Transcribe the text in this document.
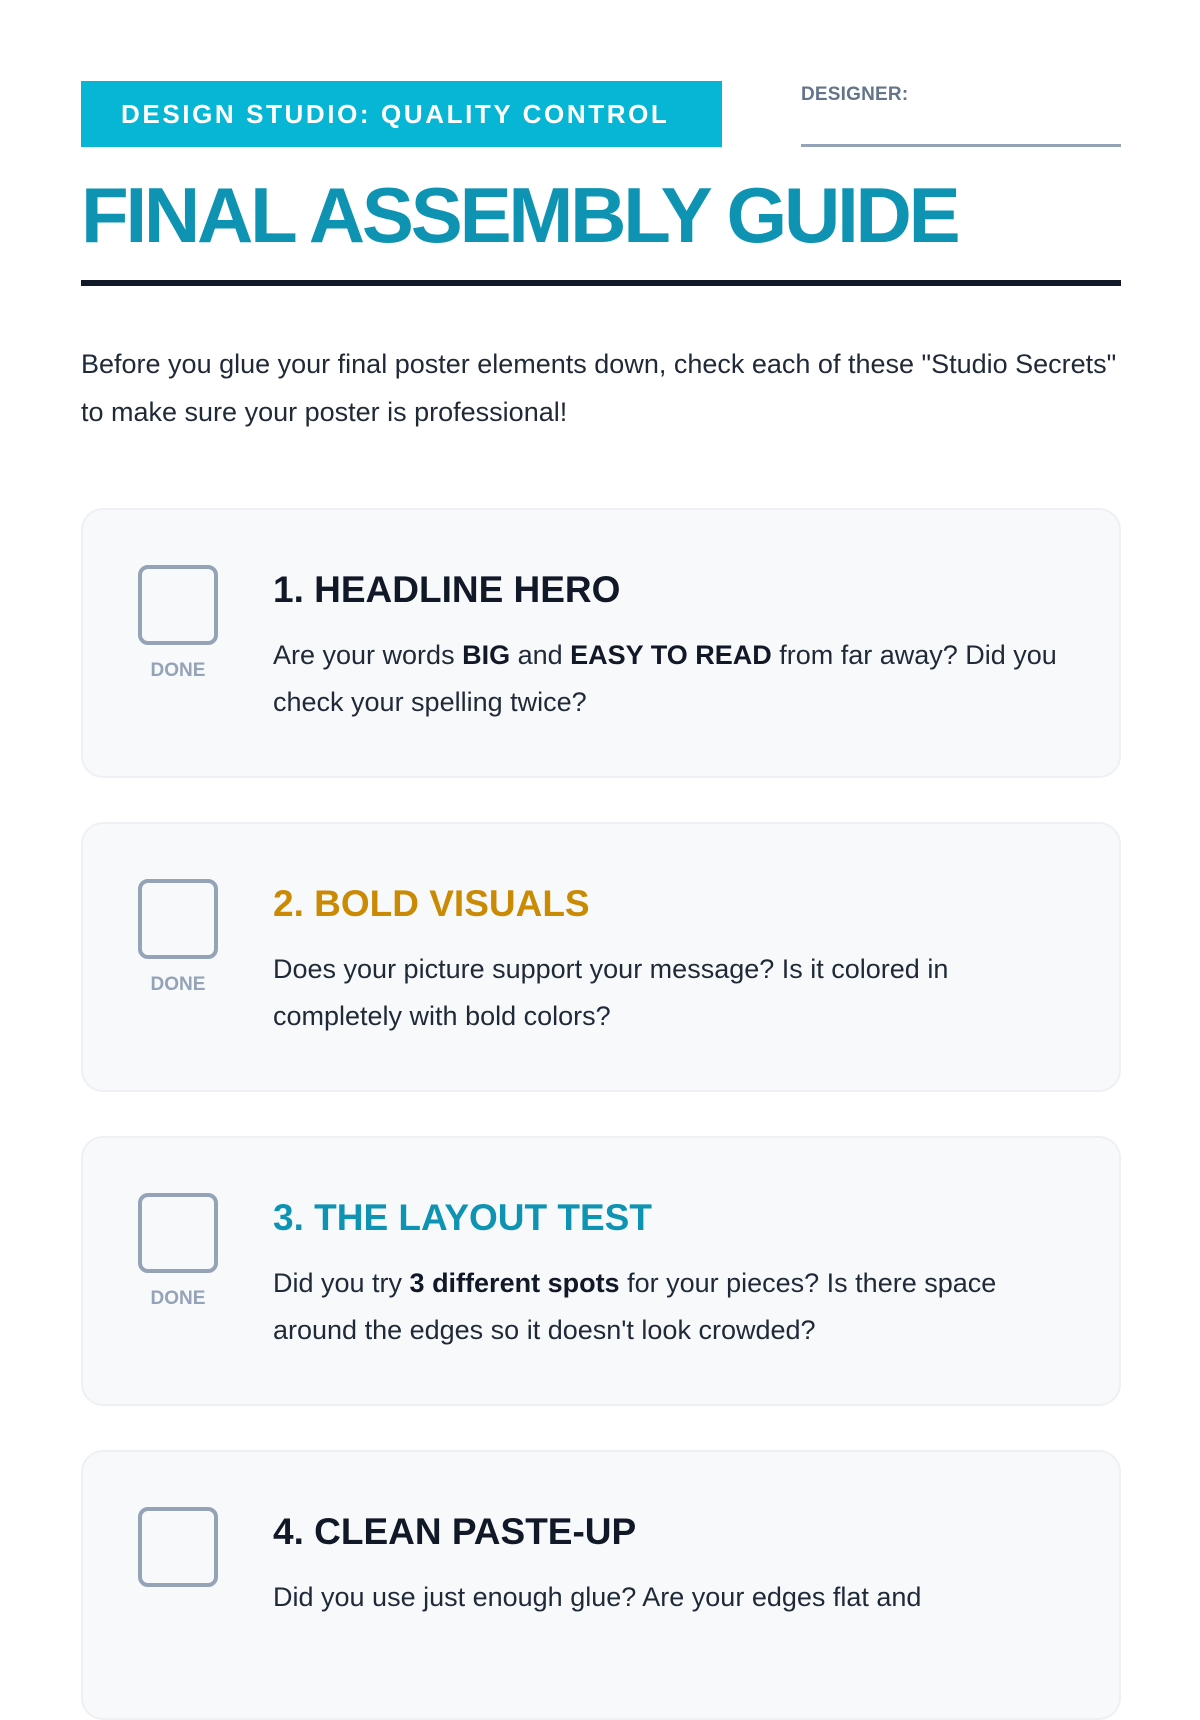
DESIGN STUDIO: QUALITY CONTROL
DESIGNER:
FINAL ASSEMBLY GUIDE

Before you glue your final poster elements down, check each of these "Studio Secrets" to make sure your poster is professional!

DONE
1. HEADLINE HERO

Are your words BIG and EASY TO READ from far away? Did you check your spelling twice?

DONE
2. BOLD VISUALS

Does your picture support your message? Is it colored in completely with bold colors?

DONE
3. THE LAYOUT TEST

Did you try 3 different spots for your pieces? Is there space around the edges so it doesn't look crowded?

4. CLEAN PASTE-UP

Did you use just enough glue? Are your edges flat and
